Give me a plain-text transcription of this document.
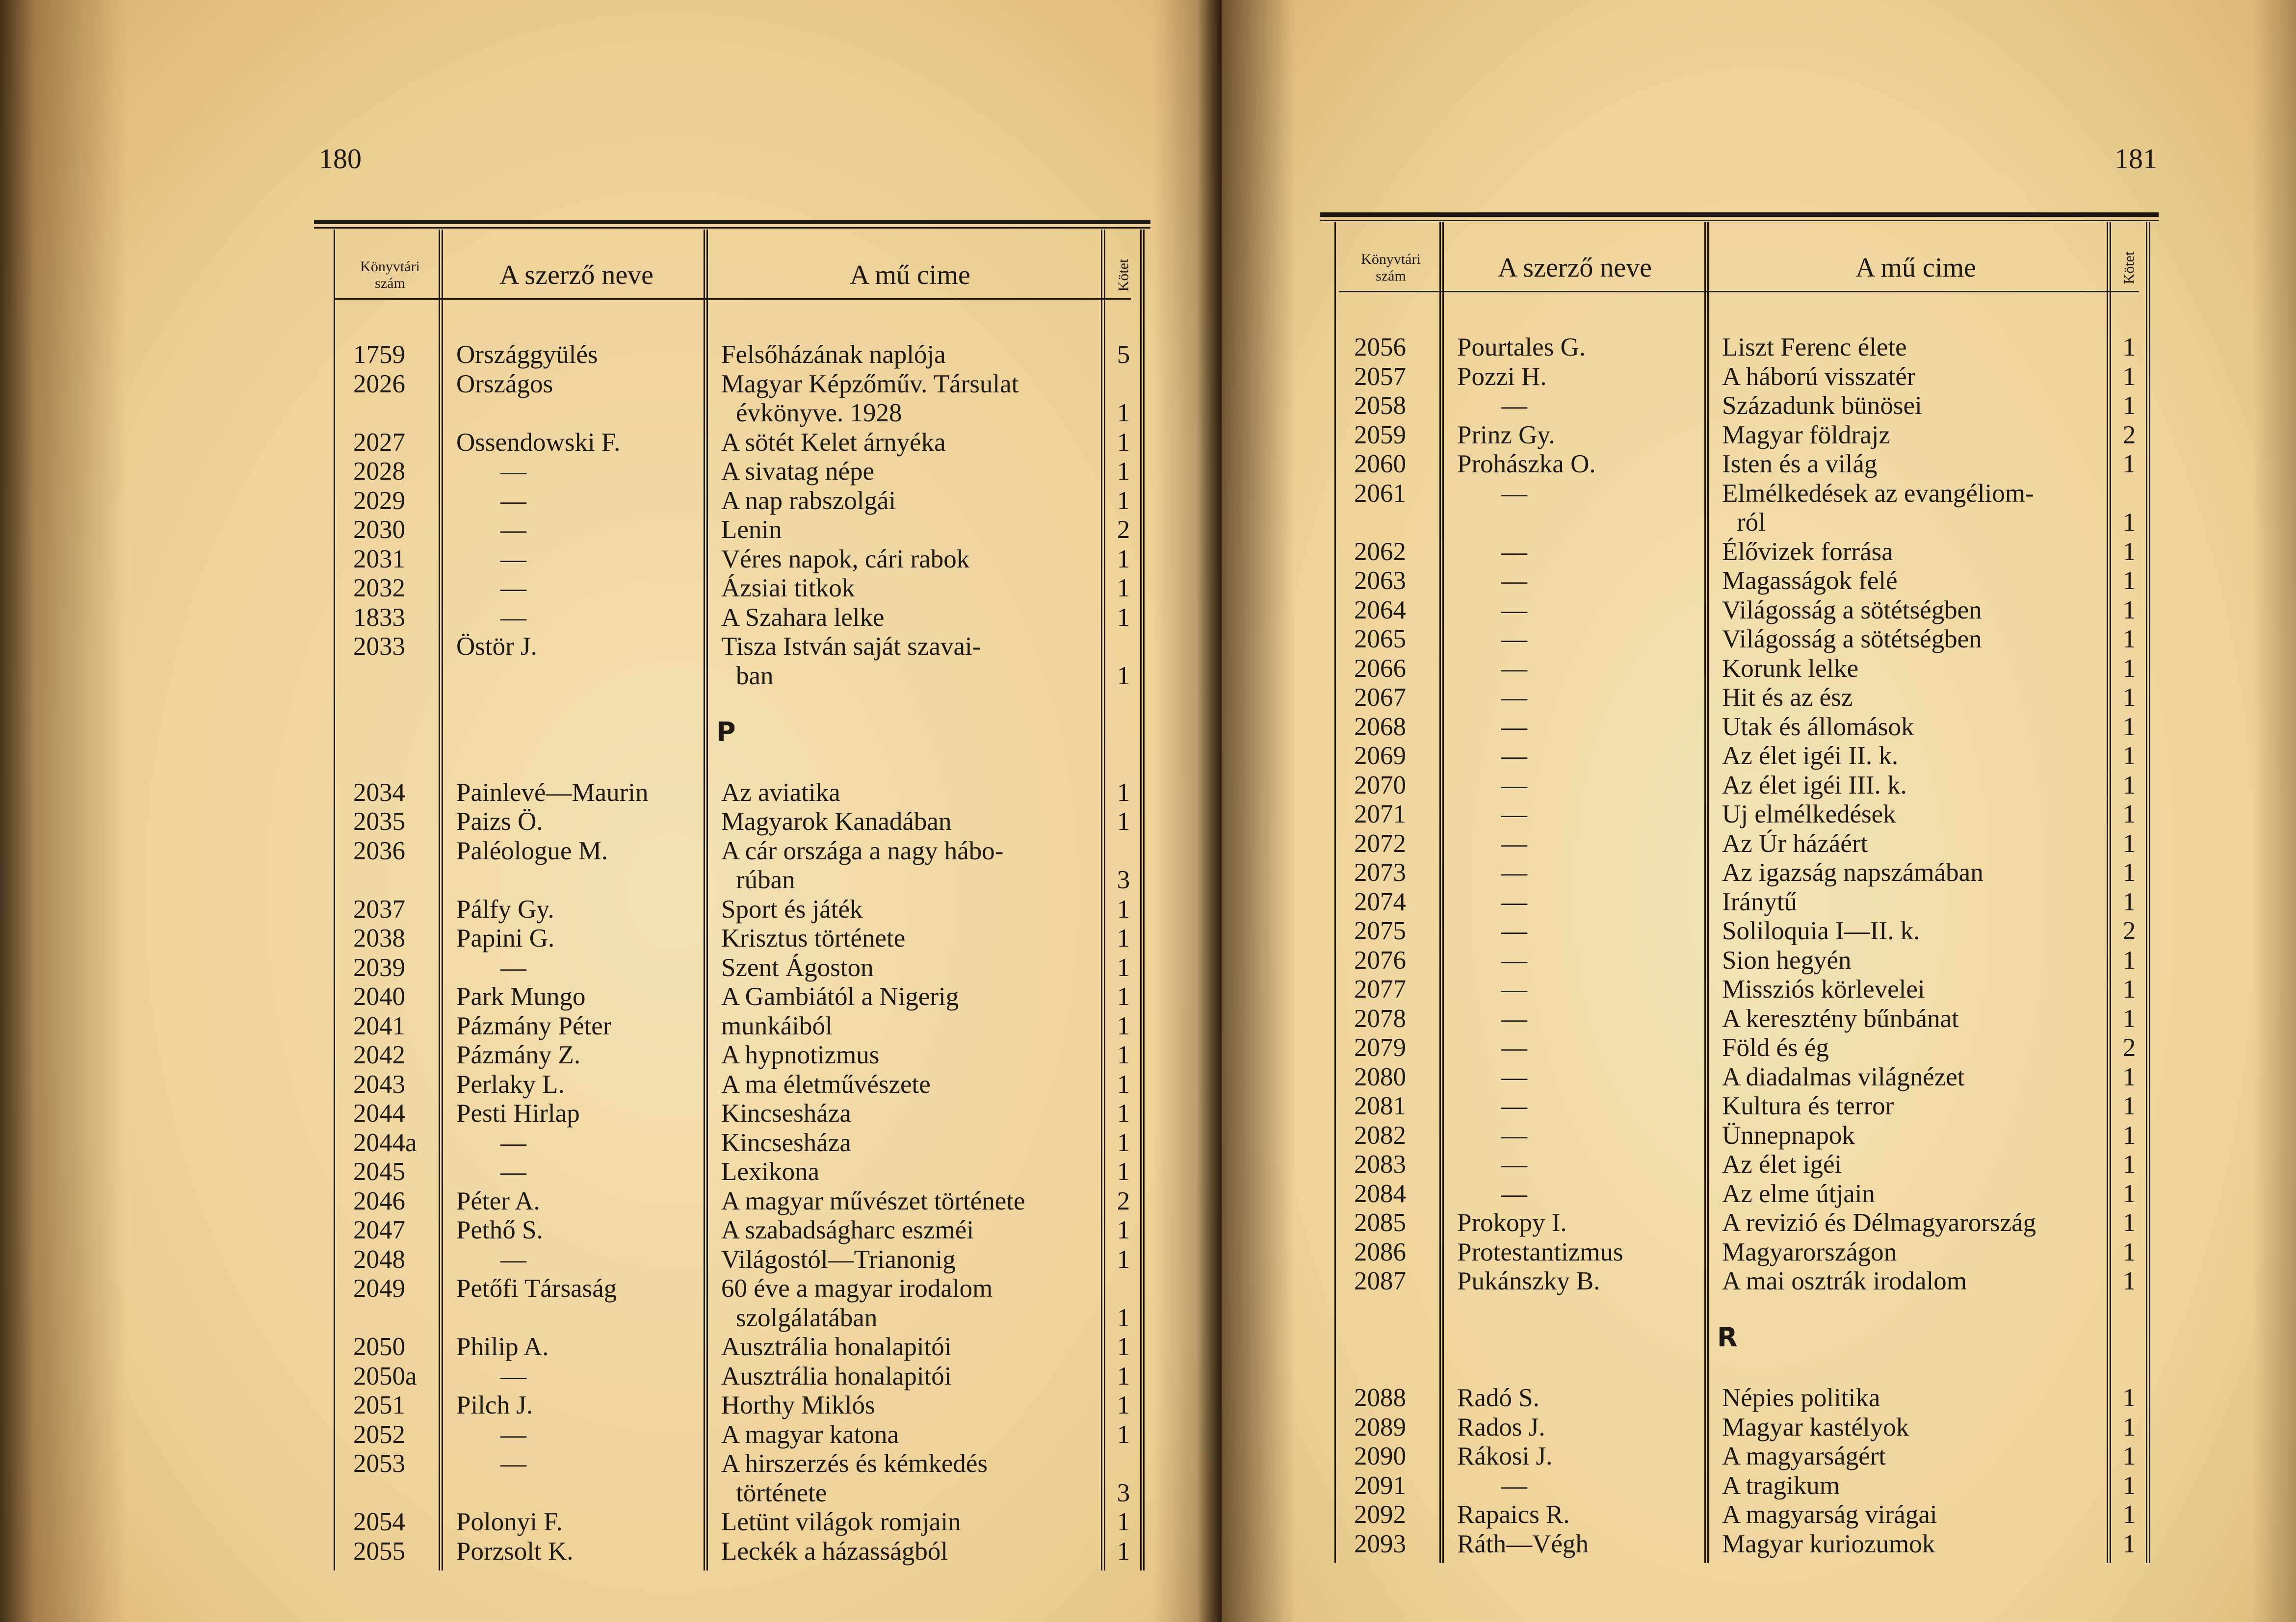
180
Könyvtári
szám	A szerző neve	A mű cime	Kötet
1759 Országgyülés	Felsőházának naplója	5
2026 Országos	Magyar Képzőműv. Társulat
évkönyve. 1928	1
2027 Ossendowski F.	A sötét Kelet árnyéka	1
2028	—	A sivatag népe	1
2029	—	A nap rabszolgái	1
2030	—	Lenin	2
2031	—	Véres napok, cári rabok	1
2032	—	Ázsiai titkok	1
1833	—	A Szahara lelke	1
2033 Östör J.	Tisza István saját szavai-
ban	1
P
2034 Painlevé—Maurin	Az aviatika	1
2035 Paizs Ö.	Magyarok Kanadában	1
2036 Paléologue M.	A cár országa a nagy hábo-
rúban	3
2037 Pálfy Gy.	Sport és játék	1
2038 Papini G.	Krisztus története	1
2039	—	Szent Ágoston	1
2040 Park Mungo	A Gambiától a Nigerig	1
2041 Pázmány Péter	munkáiból	1
2042 Pázmány Z.	A hypnotizmus	1
2043 Perlaky L.	A ma életművészete	1
2044 Pesti Hirlap	Kincsesháza	1
2044a	—	Kincsesháza	1
2045	—	Lexikona	1
2046 Péter A.	A magyar művészet története	2
2047 Pethő S.	A szabadságharc eszméi	1
2048	—	Világostól—Trianonig	1
2049 Petőfi Társaság	60 éve a magyar irodalom
szolgálatában	1
2050 Philip A.	Ausztrália honalapitói	1
2050a	—	Ausztrália honalapitói	1
2051 Pilch J.	Horthy Miklós	1
2052	—	A magyar katona	1
2053	—	A hirszerzés és kémkedés
története	3
2054 Polonyi F.	Letünt világok romjain	1
2055 Porzsolt K.	Leckék a házasságból	1
181
Könyvtári
szám	A szerző neve	A mű cime	Kötet
2056 Pourtales G.	Liszt Ferenc élete	1
2057 Pozzi H.	A háború visszatér	1
2058	—	Századunk bünösei	1
2059 Prinz Gy.	Magyar földrajz	2
2060 Prohászka O.	Isten és a világ	1
2061	—	Elmélkedések az evangéliom-
ról	1
2062	—	Élővizek forrása	1
2063	—	Magasságok felé	1
2064	—	Világosság a sötétségben	1
2065	—	Világosság a sötétségben	1
2066	—	Korunk lelke	1
2067	—	Hit és az ész	1
2068	—	Utak és állomások	1
2069	—	Az élet igéi II. k.	1
2070	—	Az élet igéi III. k.	1
2071	—	Uj elmélkedések	1
2072	—	Az Úr házáért	1
2073	—	Az igazság napszámában	1
2074	—	Iránytű	1
2075	—	Soliloquia I—II. k.	2
2076	—	Sion hegyén	1
2077	—	Missziós körlevelei	1
2078	—	A keresztény bűnbánat	1
2079	—	Föld és ég	2
2080	—	A diadalmas világnézet	1
2081	—	Kultura és terror	1
2082	—	Ünnepnapok	1
2083	—	Az élet igéi	1
2084	—	Az elme útjain	1
2085 Prokopy I.	A revizió és Délmagyarország	1
2086 Protestantizmus	Magyarországon	1
2087 Pukánszky B.	A mai osztrák irodalom	1
R
2088 Radó S.	Népies politika	1
2089 Rados J.	Magyar kastélyok	1
2090 Rákosi J.	A magyarságért	1
2091	—	A tragikum	1
2092 Rapaics R.	A magyarság virágai	1
2093 Ráth—Végh	Magyar kuriozumok	1
